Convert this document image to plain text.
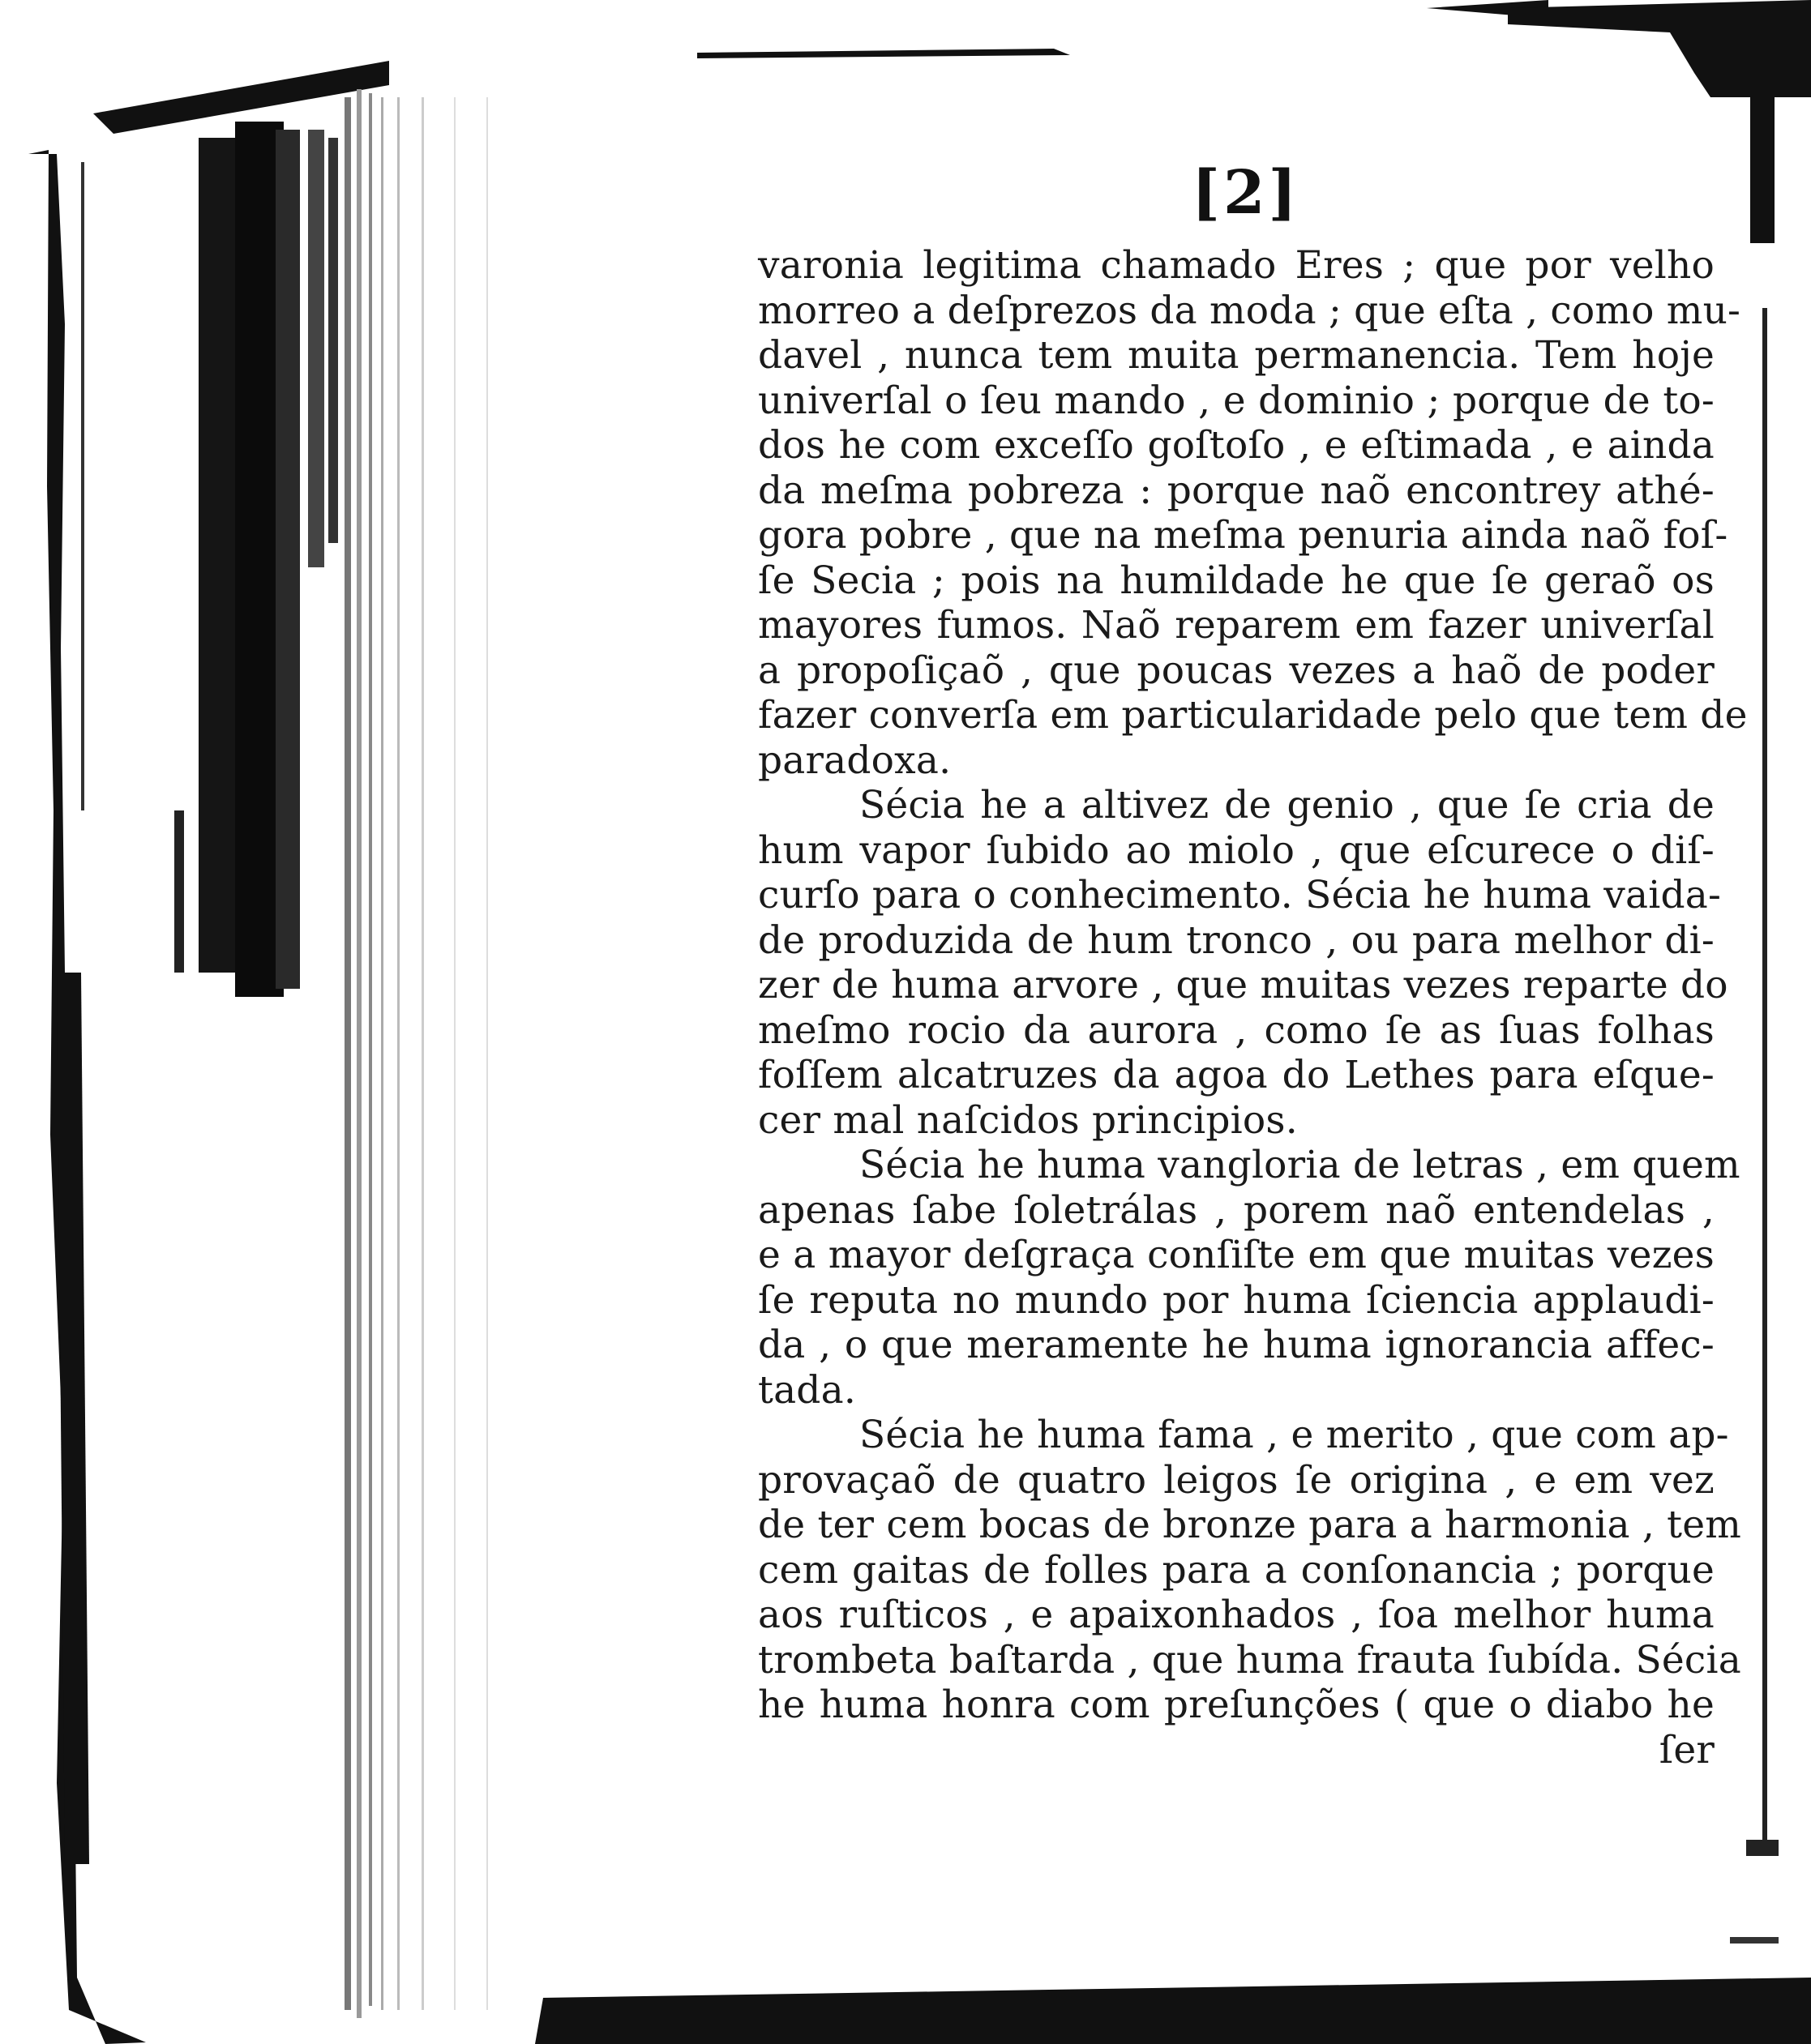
[2]
varonia legitima chamado Eres ; que por velho
morreo a deſprezos da moda ; que eſta , como mu-
davel , nunca tem muita permanencia. Tem hoje
univerſal o ſeu mando , e dominio ; porque de to-
dos he com exceſſo goſtoſo , e eſtimada , e ainda
da meſma pobreza : porque naõ encontrey athé-
gora pobre , que na meſma penuria ainda naõ foſ-
ſe Secia ; pois na humildade he que ſe geraõ os
mayores fumos. Naõ reparem em fazer univerſal
a propoſiçaõ , que poucas vezes a haõ de poder
fazer converſa em particularidade pelo que tem de
paradoxa.
Sécia he a altivez de genio , que ſe cria de
hum vapor ſubido ao miolo , que eſcurece o diſ-
curſo para o conhecimento. Sécia he huma vaida-
de produzida de hum tronco , ou para melhor di-
zer de huma arvore , que muitas vezes reparte do
meſmo rocio da aurora , como ſe as ſuas folhas
foſſem alcatruzes da agoa do Lethes para eſque-
cer mal naſcidos principios.
Sécia he huma vangloria de letras , em quem
apenas ſabe ſoletrálas , porem naõ entendelas ,
e a mayor deſgraça conſiſte em que muitas vezes
ſe reputa no mundo por huma ſciencia applaudi-
da , o que meramente he huma ignorancia affec-
tada.
Sécia he huma fama , e merito , que com ap-
provaçaõ de quatro leigos ſe origina , e em vez
de ter cem bocas de bronze para a harmonia , tem
cem gaitas de folles para a conſonancia ; porque
aos ruſticos , e apaixonhados , ſoa melhor huma
trombeta baſtarda , que huma frauta ſubída. Sécia
he huma honra com preſunções ( que o diabo he
ſer
